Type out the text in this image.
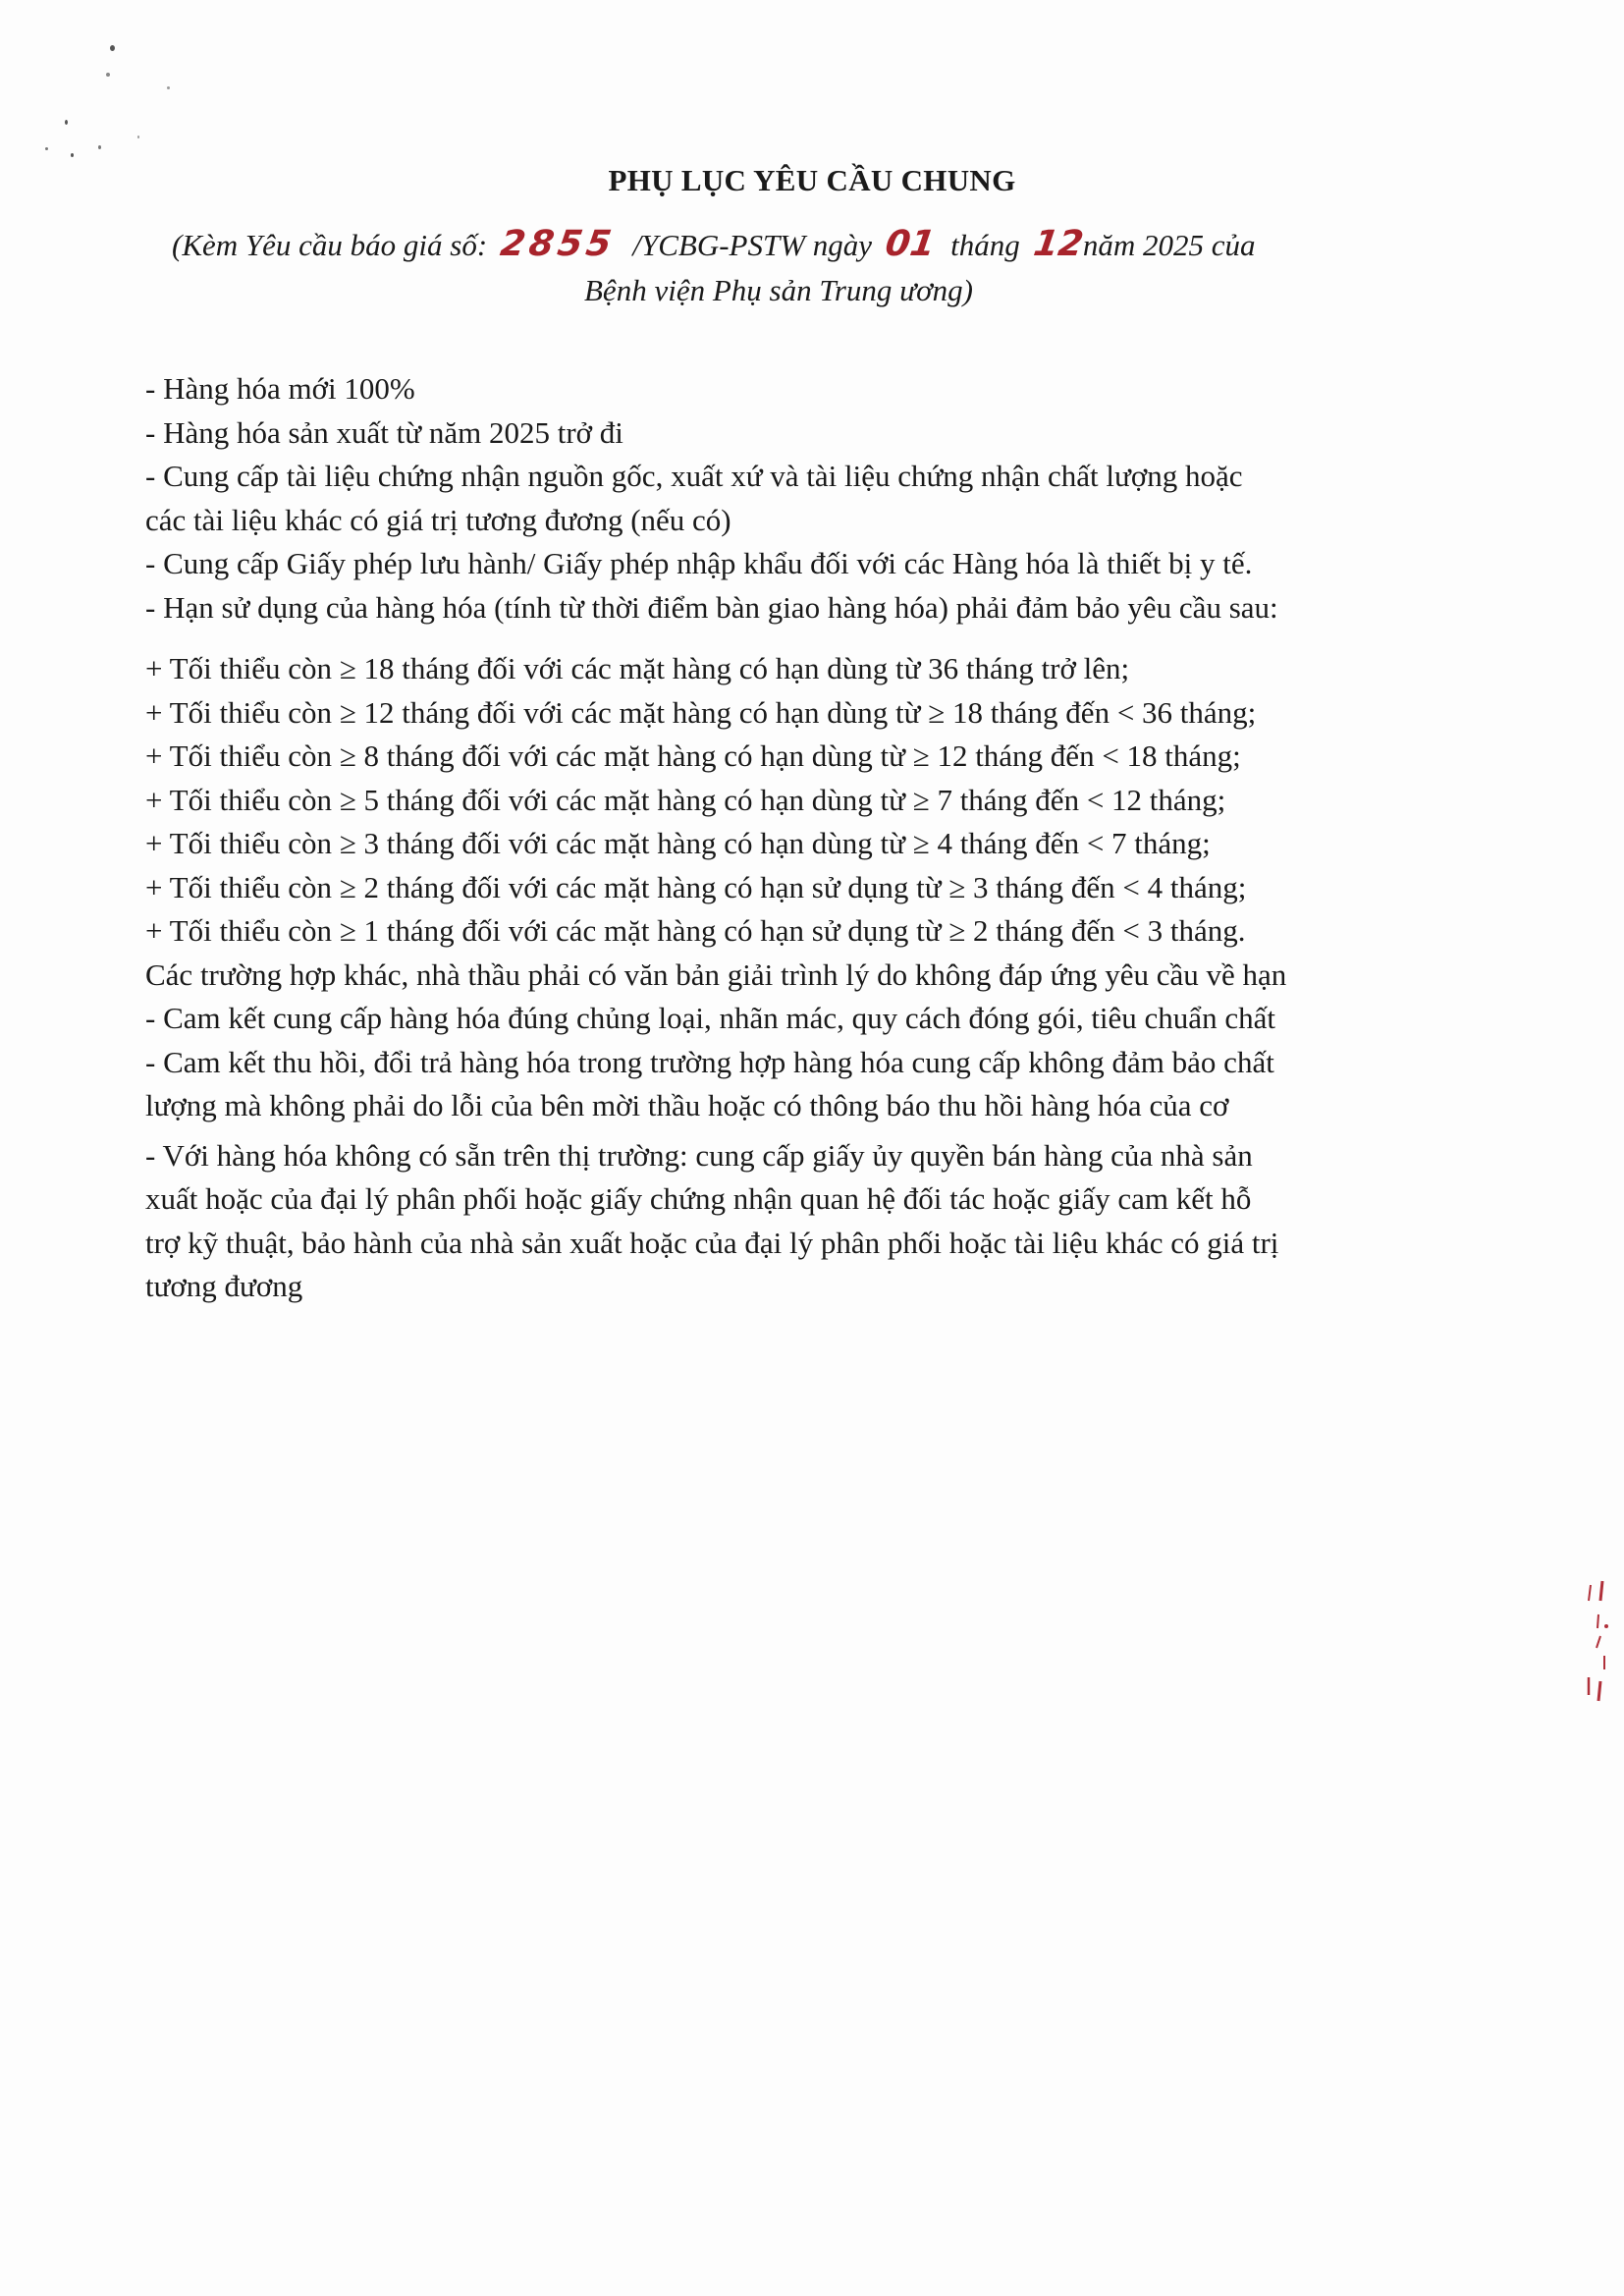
PHỤ LỤC YÊU CẦU CHUNG
(Kèm Yêu cầu báo giá số: 2855 /YCBG-PSTW ngày 01 tháng 12năm 2025 của
Bệnh viện Phụ sản Trung ương)
- Hàng hóa mới 100%
- Hàng hóa sản xuất từ năm 2025 trở đi
- Cung cấp tài liệu chứng nhận nguồn gốc, xuất xứ và tài liệu chứng nhận chất lượng hoặc
các tài liệu khác có giá trị tương đương (nếu có)
- Cung cấp Giấy phép lưu hành/ Giấy phép nhập khẩu đối với các Hàng hóa là thiết bị y tế.
- Hạn sử dụng của hàng hóa (tính từ thời điểm bàn giao hàng hóa) phải đảm bảo yêu cầu sau:
+ Tối thiểu còn ≥ 18 tháng đối với các mặt hàng có hạn dùng từ 36 tháng trở lên;
+ Tối thiểu còn ≥ 12 tháng đối với các mặt hàng có hạn dùng từ ≥ 18 tháng đến < 36 tháng;
+ Tối thiểu còn ≥ 8 tháng đối với các mặt hàng có hạn dùng từ ≥ 12 tháng đến < 18 tháng;
+ Tối thiểu còn ≥ 5 tháng đối với các mặt hàng có hạn dùng từ ≥ 7 tháng đến < 12 tháng;
+ Tối thiểu còn ≥ 3 tháng đối với các mặt hàng có hạn dùng từ ≥ 4 tháng đến < 7 tháng;
+ Tối thiểu còn ≥ 2 tháng đối với các mặt hàng có hạn sử dụng từ ≥ 3 tháng đến < 4 tháng;
+ Tối thiểu còn ≥ 1 tháng đối với các mặt hàng có hạn sử dụng từ ≥ 2 tháng đến < 3 tháng.
Các trường hợp khác, nhà thầu phải có văn bản giải trình lý do không đáp ứng yêu cầu về hạn
- Cam kết cung cấp hàng hóa đúng chủng loại, nhãn mác, quy cách đóng gói, tiêu chuẩn chất
- Cam kết thu hồi, đổi trả hàng hóa trong trường hợp hàng hóa cung cấp không đảm bảo chất
lượng mà không phải do lỗi của bên mời thầu hoặc có thông báo thu hồi hàng hóa của cơ
- Với hàng hóa không có sẵn trên thị trường: cung cấp giấy ủy quyền bán hàng của nhà sản
xuất hoặc của đại lý phân phối hoặc giấy chứng nhận quan hệ đối tác hoặc giấy cam kết hỗ
trợ kỹ thuật, bảo hành của nhà sản xuất hoặc của đại lý phân phối hoặc tài liệu khác có giá trị
tương đương
